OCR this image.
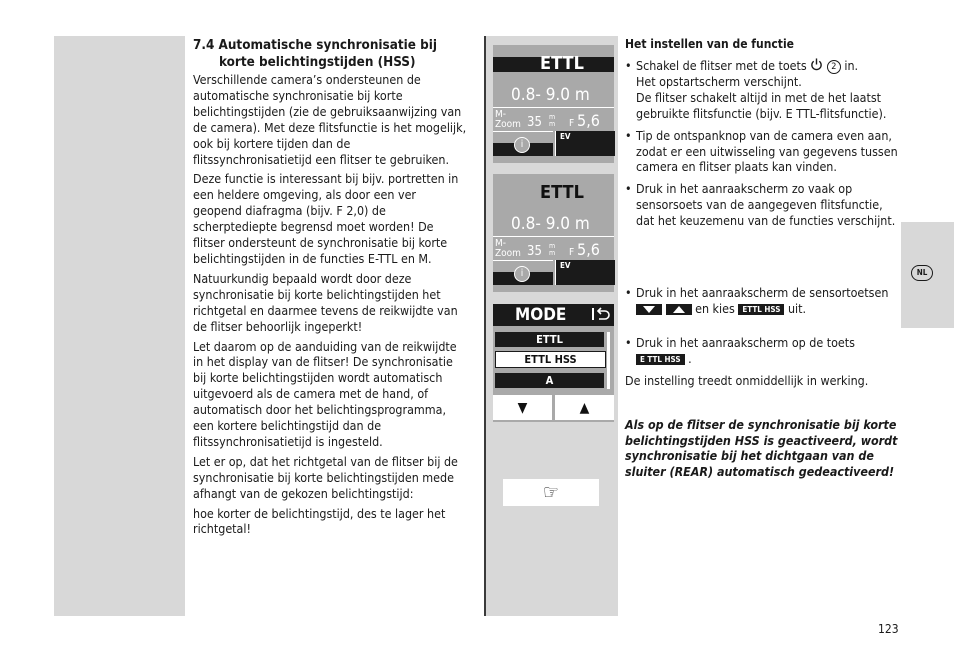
7.4 Automatische synchronisatie bij
korte belichtingstijden (HSS)

Verschillende camera’s ondersteunen de automatische synchronisatie bij korte belichtingstijden (zie de gebruiksaanwijzing van de camera). Met deze flitsfunctie is het mogelijk, ook bij kortere tijden dan de flitssynchronisatietijd een flitser te gebruiken.

Deze functie is interessant bij bijv. portretten in een heldere omgeving, als door een ver geopend diafragma (bijv. F 2,0) de scherptediepte begrensd moet worden! De flitser ondersteunt de synchronisatie bij korte belichtingstijden in de functies E-TTL en M.

Natuurkundig bepaald wordt door deze synchronisatie bij korte belichtingstijden het richtgetal en daarmee tevens de reikwijdte van de flitser behoorlijk ingeperkt!

Let daarom op de aanduiding van de reikwijdte in het display van de flitser! De synchronisatie bij korte belichtingstijden wordt automatisch uitgevoerd als de camera met de hand, of automatisch door het belichtingsprogramma, een kortere belichtingstijd dan de flitssynchronisatietijd is ingesteld.

Let er op, dat het richtgetal van de flitser bij de synchronisatie bij korte belichtingstijden mede afhangt van de gekozen belichtingstijd:

hoe korter de belichtingstijd, des te lager het richtgetal!

ETTL
0.8- 9.0 m
M-
Zoom 35 m m F 5,6
i
EV
ETTL
0.8- 9.0 m
M-
Zoom 35 m m F 5,6
i
EV
MODE
ETTL
ETTL HSS
A
▼	▲
☞
Het instellen van de functie
• Schakel de flitser met de toets	2 in.
Het opstartscherm verschijnt.
De flitser schakelt altijd in met de het laatst gebruikte flitsfunctie (bijv. E TTL-flitsfunctie).
• Tip de ontspanknop van de camera even aan, zodat er een uitwisseling van gegevens tussen camera en flitser plaats kan vinden.
• Druk in het aanraakscherm zo vaak op sensorsoets van de aangegeven flitsfunctie, dat het keuzemenu van de functies verschijnt.
• Druk in het aanraakscherm de sensortoetsen   en kies ETTL HSS uit.
• Druk in het aanraakscherm op de toets
E TTL HSS .

De instelling treedt onmiddellijk in werking.

Als op de flitser de synchronisatie bij korte belichtingstijden HSS is geactiveerd, wordt synchronisatie bij het dichtgaan van de sluiter (REAR) automatisch gedeactiveerd!

NL
123
